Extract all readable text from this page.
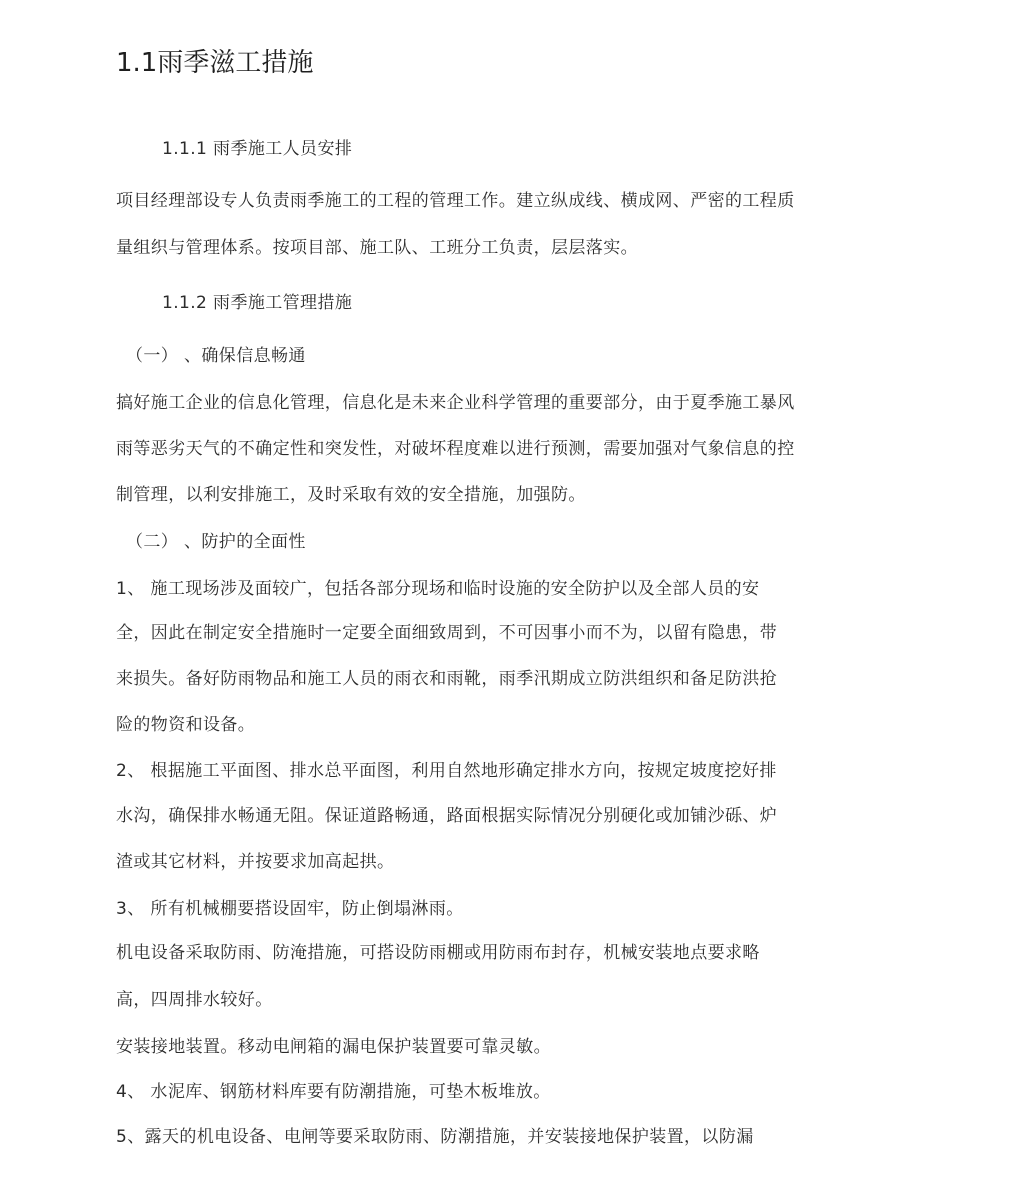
1.1雨季滋工措施
1.1.1 雨季施工人员安排
项目经理部设专人负责雨季施工的工程的管理工作。建立纵成线、横成网、严密的工程质
量组织与管理体系。按项目部、施工队、工班分工负责，层层落实。
1.1.2 雨季施工管理措施
（一） 、确保信息畅通
搞好施工企业的信息化管理，信息化是未来企业科学管理的重要部分，由于夏季施工暴风
雨等恶劣天气的不确定性和突发性，对破坏程度难以进行预测，需要加强对气象信息的控
制管理，以利安排施工，及时采取有效的安全措施，加强防。
（二） 、防护的全面性
1、 施工现场涉及面较广，包括各部分现场和临时设施的安全防护以及全部人员的安
全，因此在制定安全措施时一定要全面细致周到，不可因事小而不为，以留有隐患，带
来损失。备好防雨物品和施工人员的雨衣和雨靴，雨季汛期成立防洪组织和备足防洪抢
险的物资和设备。
2、 根据施工平面图、排水总平面图，利用自然地形确定排水方向，按规定坡度挖好排
水沟，确保排水畅通无阻。保证道路畅通，路面根据实际情况分别硬化或加铺沙砾、炉
渣或其它材料，并按要求加高起拱。
3、 所有机械棚要搭设固牢，防止倒塌淋雨。
机电设备采取防雨、防淹措施，可搭设防雨棚或用防雨布封存，机械安装地点要求略
高，四周排水较好。
安装接地装置。移动电闸箱的漏电保护装置要可靠灵敏。
4、 水泥库、钢筋材料库要有防潮措施，可垫木板堆放。
5、露天的机电设备、电闸等要采取防雨、防潮措施，并安装接地保护装置，以防漏
